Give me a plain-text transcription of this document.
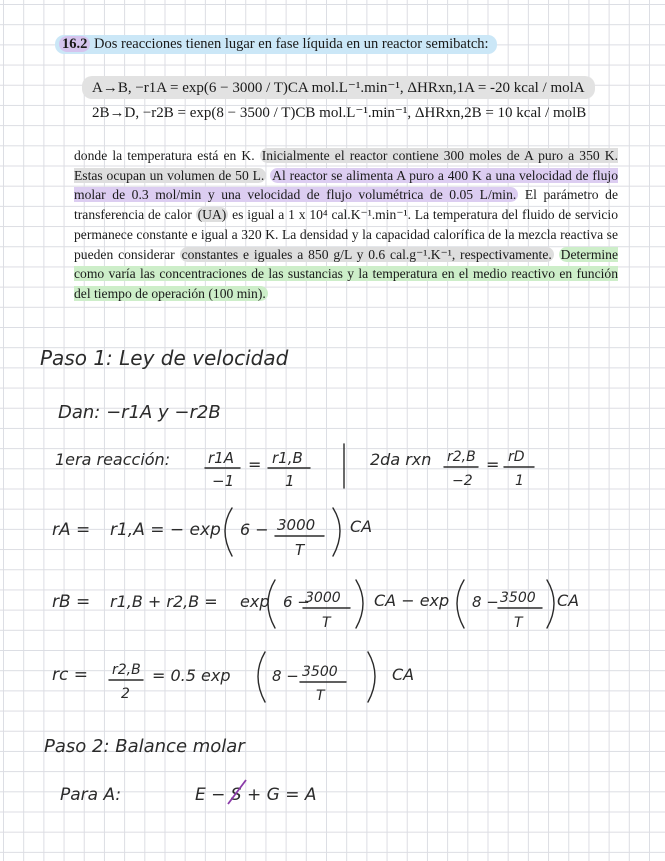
16.2 Dos reacciones tienen lugar en fase líquida en un reactor semibatch:
A→B, −r1A = exp(6 − 3000 / T)CA mol.L⁻¹.min⁻¹, ΔHRxn,1A = -20 kcal / molA
2B→D, −r2B = exp(8 − 3500 / T)CB mol.L⁻¹.min⁻¹, ΔHRxn,2B = 10 kcal / molB
donde la temperatura está en K. Inicialmente el reactor contiene 300 moles de A puro a 350 K. Estas ocupan un volumen de 50 L. Al reactor se alimenta A puro a 400 K a una velocidad de flujo molar de 0.3 mol/min y una velocidad de flujo volumétrica de 0.05 L/min. El parámetro de transferencia de calor (UA) es igual a 1 x 10⁴ cal.K⁻¹.min⁻¹. La temperatura del fluido de servicio permanece constante e igual a 320 K. La densidad y la capacidad calorífica de la mezcla reactiva se pueden considerar constantes e iguales a 850 g/L y 0.6 cal.g⁻¹.K⁻¹, respectivamente. Determine como varía las concentraciones de las sustancias y la temperatura en el medio reactivo en función del tiempo de operación (100 min).
Paso 1: Ley de velocidad
Dan: −r1A y −r2B
1era reacción:	r1A
−1
= r1,B
1
2da rxn r2,B
−2
= rD
1
rA = r1,A = − exp 6 − 3000
T
CA
rB = r1,B + r2,B = exp 6 −
3000
T
CA − exp 8 − 3500
T
CA
rc = r2,B
2
= 0.5 exp	8 − 3500
T
CA
Paso 2: Balance molar
Para A:	E − S + G = A
